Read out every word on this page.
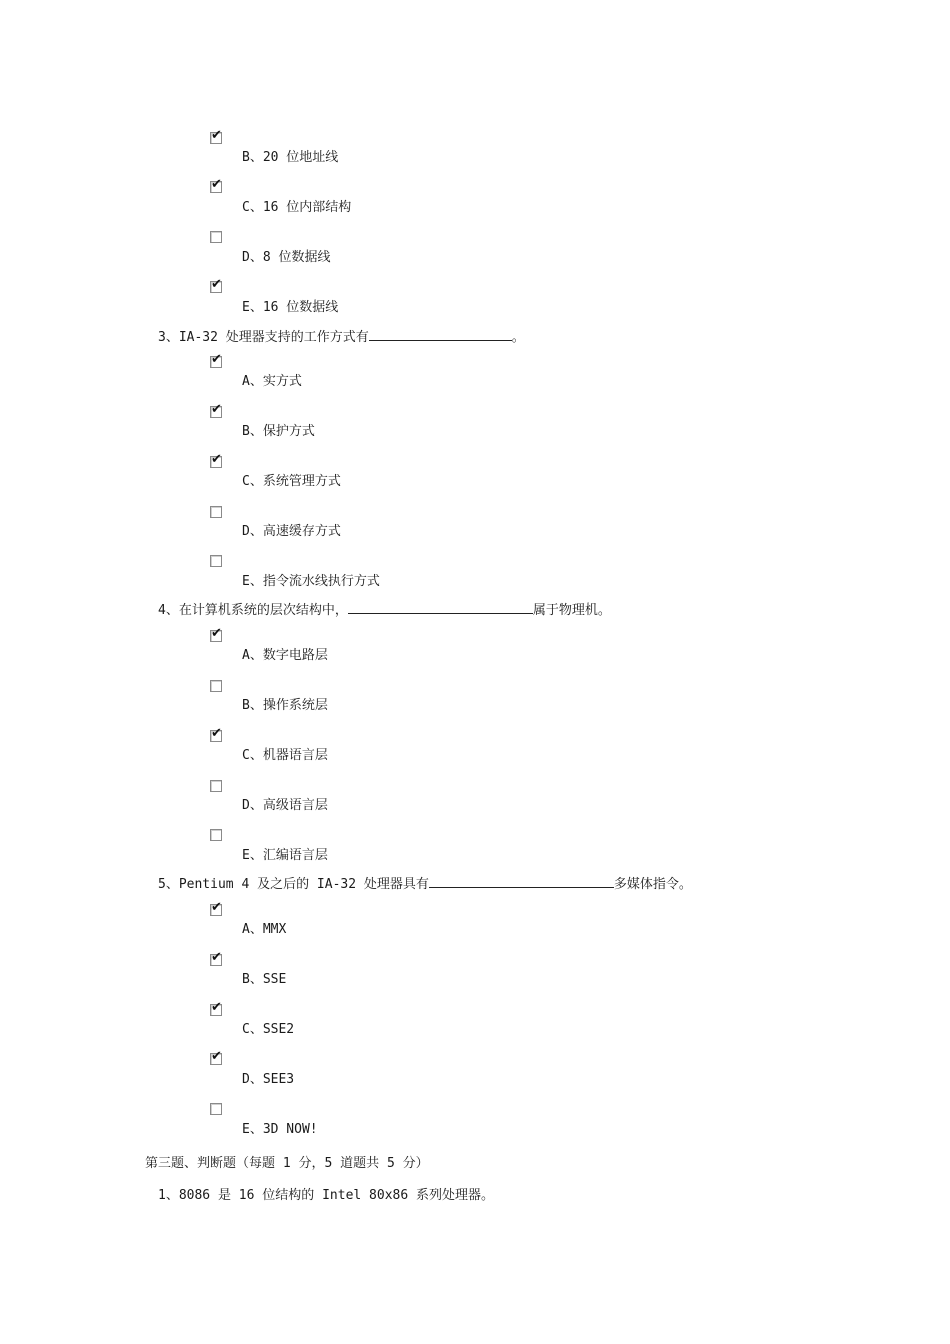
✔
B、20 位地址线
✔
C、16 位内部结构
D、8 位数据线
✔
E、16 位数据线
3、IA-32 处理器支持的工作方式有	。
✔
A、实方式
✔
B、保护方式
✔
C、系统管理方式
D、高速缓存方式
E、指令流水线执行方式
4、在计算机系统的层次结构中，	属于物理机。
✔
A、数字电路层
B、操作系统层
✔
C、机器语言层
D、高级语言层
E、汇编语言层
5、Pentium 4 及之后的 IA-32 处理器具有	多媒体指令。
✔
A、MMX
✔
B、SSE
✔
C、SSE2
✔
D、SEE3
E、3D NOW!
第三题、判断题（每题 1 分，5 道题共 5 分）
1、8086 是 16 位结构的 Intel 80x86 系列处理器。
